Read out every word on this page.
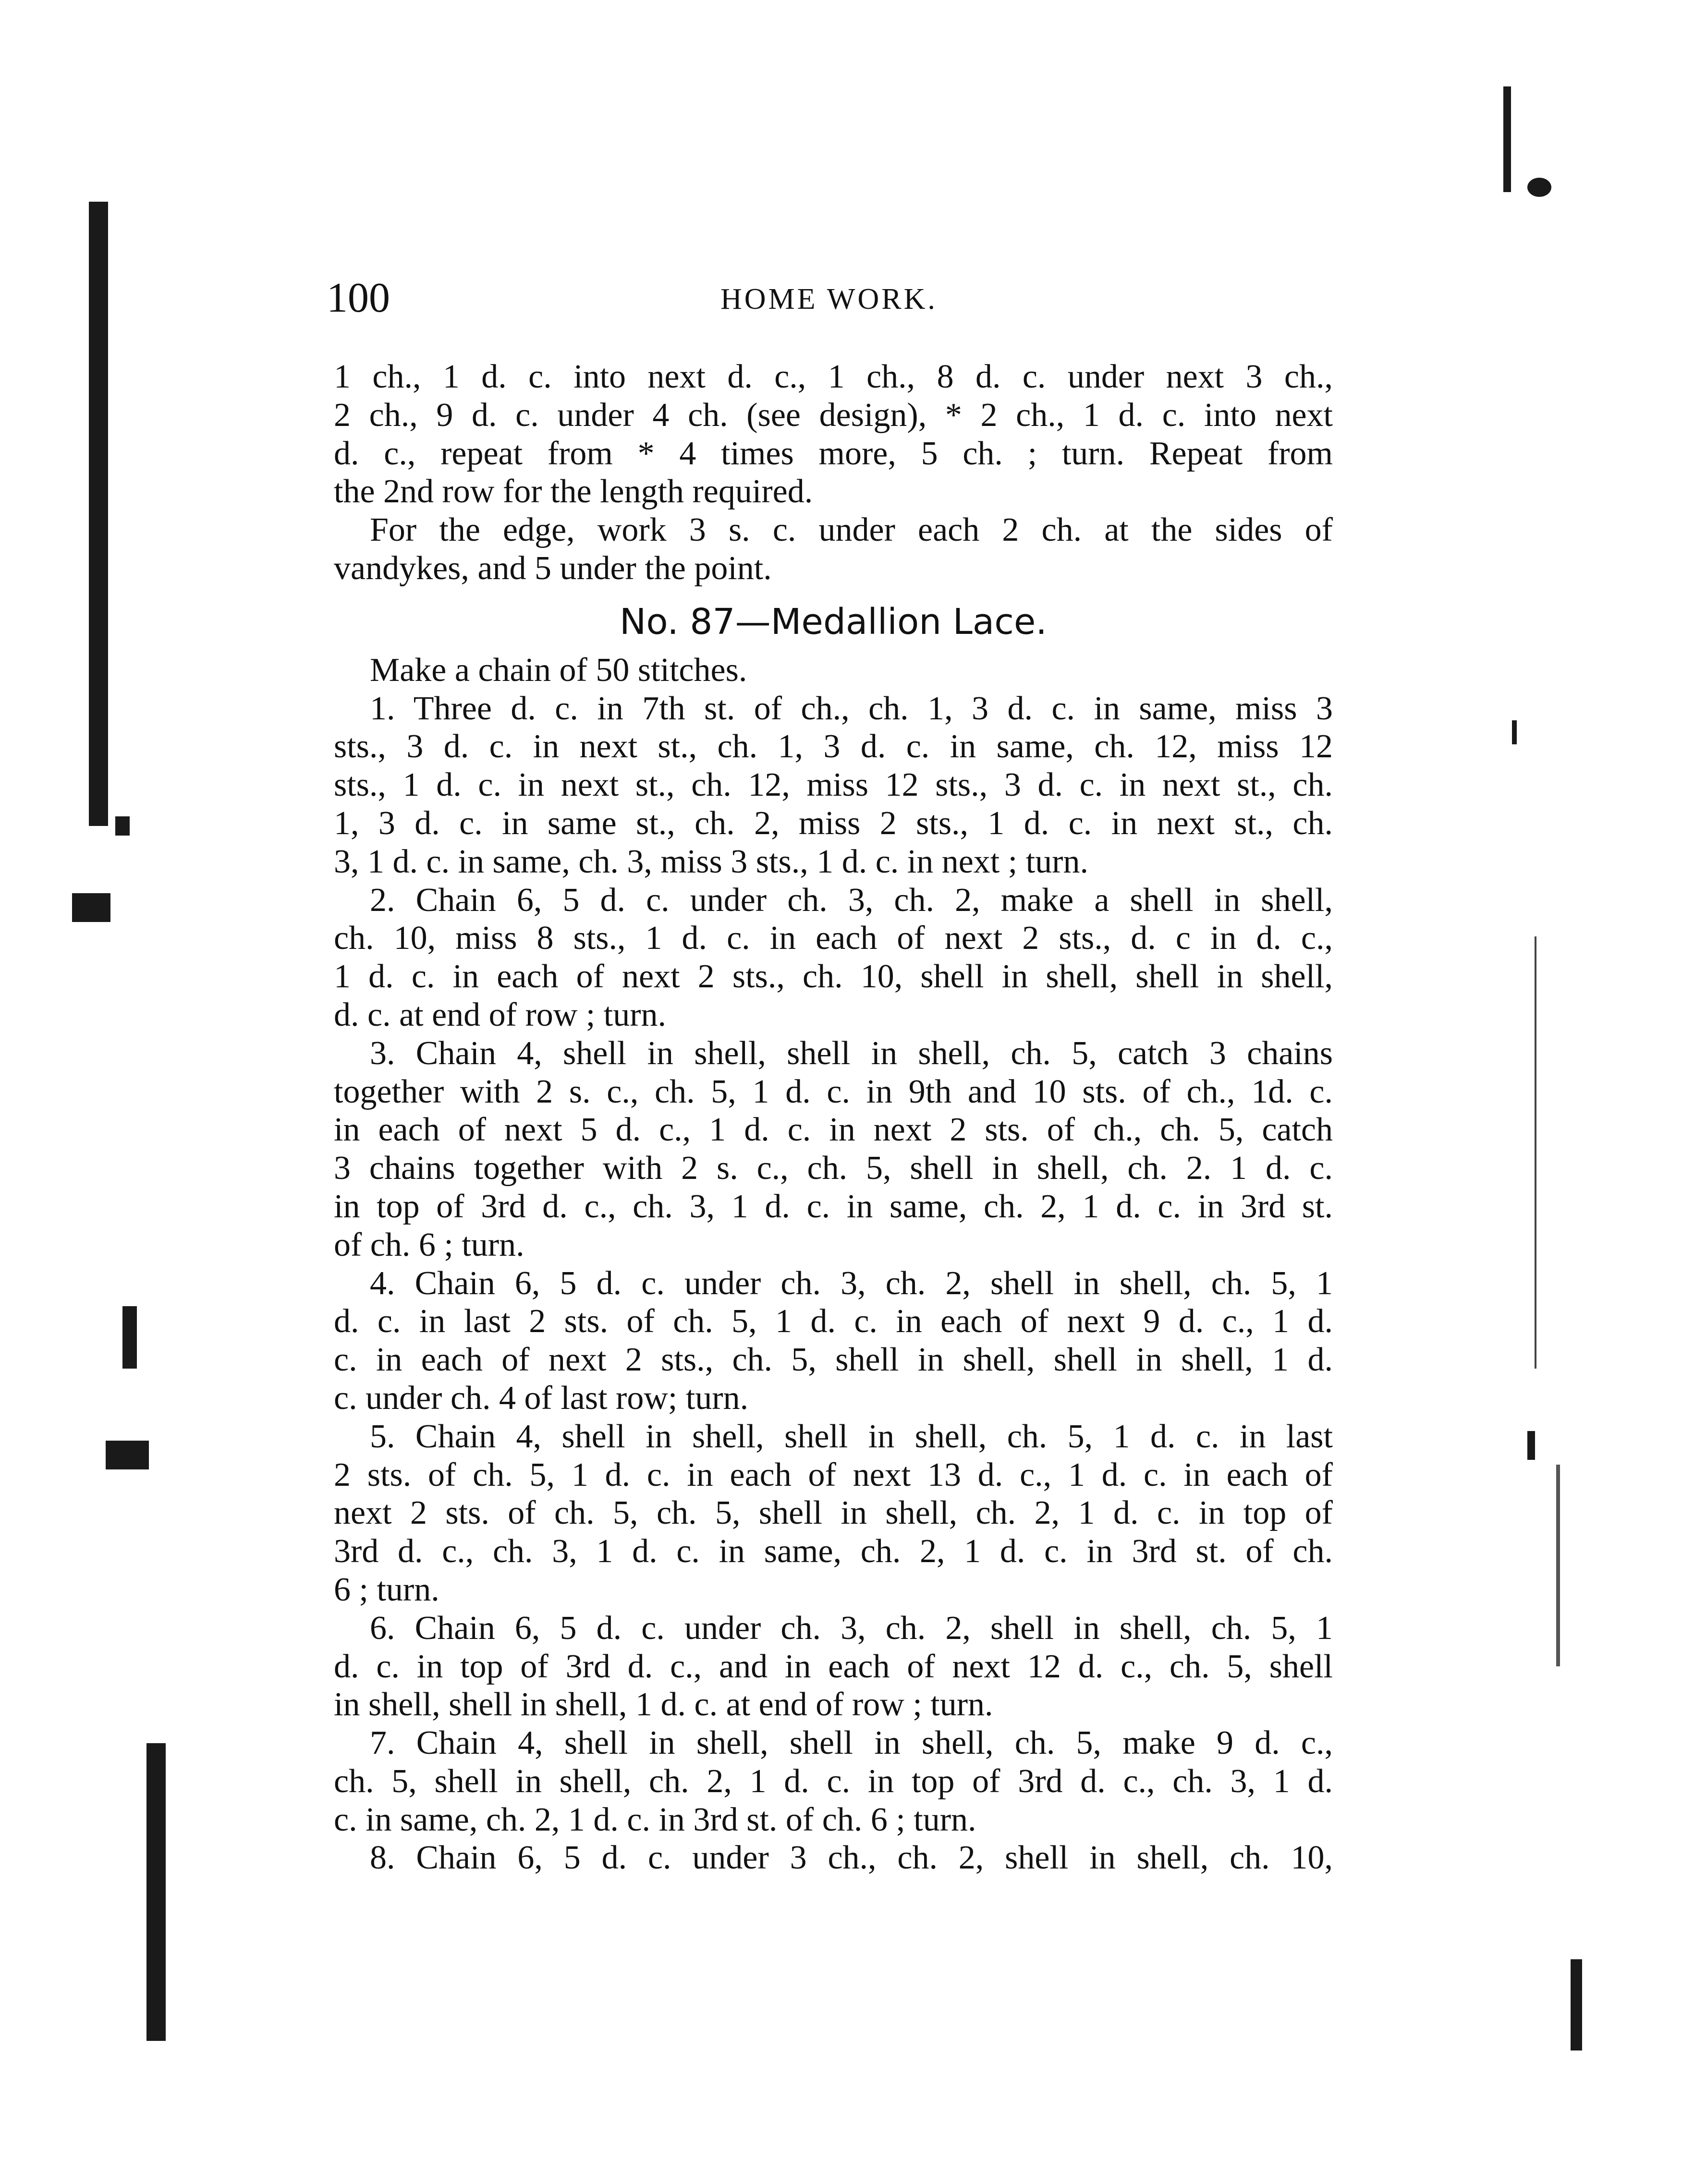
100	HOME WORK.
1 ch., 1 d. c. into next d. c., 1 ch., 8 d. c. under next 3 ch.,
2 ch., 9 d. c. under 4 ch. (see design), * 2 ch., 1 d. c. into next
d. c., repeat from * 4 times more, 5 ch. ; turn. Repeat from
the 2nd row for the length required.
For the edge, work 3 s. c. under each 2 ch. at the sides of
vandykes, and 5 under the point.
No. 87—Medallion Lace.
Make a chain of 50 stitches.
1. Three d. c. in 7th st. of ch., ch. 1, 3 d. c. in same, miss 3
sts., 3 d. c. in next st., ch. 1, 3 d. c. in same, ch. 12, miss 12
sts., 1 d. c. in next st., ch. 12, miss 12 sts., 3 d. c. in next st., ch.
1, 3 d. c. in same st., ch. 2, miss 2 sts., 1 d. c. in next st., ch.
3, 1 d. c. in same, ch. 3, miss 3 sts., 1 d. c. in next ; turn.
2. Chain 6, 5 d. c. under ch. 3, ch. 2, make a shell in shell,
ch. 10, miss 8 sts., 1 d. c. in each of next 2 sts., d. c in d. c.,
1 d. c. in each of next 2 sts., ch. 10, shell in shell, shell in shell,
d. c. at end of row ; turn.
3. Chain 4, shell in shell, shell in shell, ch. 5, catch 3 chains
together with 2 s. c., ch. 5, 1 d. c. in 9th and 10 sts. of ch., 1d. c.
in each of next 5 d. c., 1 d. c. in next 2 sts. of ch., ch. 5, catch
3 chains together with 2 s. c., ch. 5, shell in shell, ch. 2. 1 d. c.
in top of 3rd d. c., ch. 3, 1 d. c. in same, ch. 2, 1 d. c. in 3rd st.
of ch. 6 ; turn.
4. Chain 6, 5 d. c. under ch. 3, ch. 2, shell in shell, ch. 5, 1
d. c. in last 2 sts. of ch. 5, 1 d. c. in each of next 9 d. c., 1 d.
c. in each of next 2 sts., ch. 5, shell in shell, shell in shell, 1 d.
c. under ch. 4 of last row; turn.
5. Chain 4, shell in shell, shell in shell, ch. 5, 1 d. c. in last
2 sts. of ch. 5, 1 d. c. in each of next 13 d. c., 1 d. c. in each of
next 2 sts. of ch. 5, ch. 5, shell in shell, ch. 2, 1 d. c. in top of
3rd d. c., ch. 3, 1 d. c. in same, ch. 2, 1 d. c. in 3rd st. of ch.
6 ; turn.
6. Chain 6, 5 d. c. under ch. 3, ch. 2, shell in shell, ch. 5, 1
d. c. in top of 3rd d. c., and in each of next 12 d. c., ch. 5, shell
in shell, shell in shell, 1 d. c. at end of row ; turn.
7. Chain 4, shell in shell, shell in shell, ch. 5, make 9 d. c.,
ch. 5, shell in shell, ch. 2, 1 d. c. in top of 3rd d. c., ch. 3, 1 d.
c. in same, ch. 2, 1 d. c. in 3rd st. of ch. 6 ; turn.
8. Chain 6, 5 d. c. under 3 ch., ch. 2, shell in shell, ch. 10,
